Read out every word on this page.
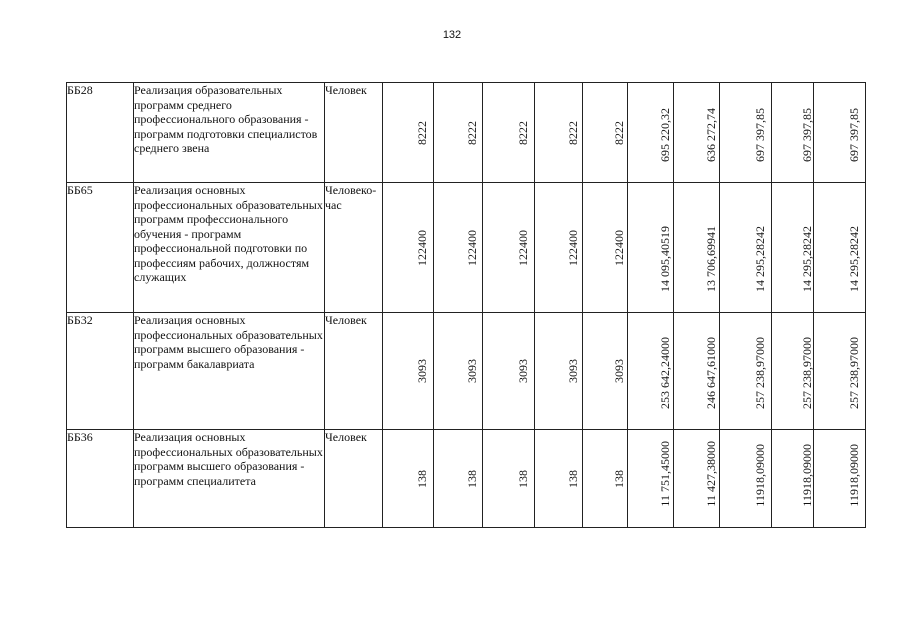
132
ББ28	Реализация образовательных программ среднего профессионального образования - программ подготовки специалистов среднего звена	Человек	8222	8222	8222	8222	8222	695 220,32	636 272,74	697 397,85	697 397,85	697 397,85

ББ65	Реализация основных профессиональных образовательных программ профессионального обучения - программ профессиональной подготовки по профессиям рабочих, должностям служащих	Человеко-час	122400	122400	122400	122400	122400	14 095,40519	13 706,69941	14 295,28242	14 295,28242	14 295,28242

ББ32	Реализация основных профессиональных образовательных программ высшего образования - программ бакалавриата	Человек	3093	3093	3093	3093	3093	253 642,24000	246 647,61000	257 238,97000	257 238,97000	257 238,97000

ББ36	Реализация основных профессиональных образовательных программ высшего образования - программ специалитета	Человек	138	138	138	138	138	11 751,45000	11 427,38000	11918,09000	11918,09000	11918,09000
